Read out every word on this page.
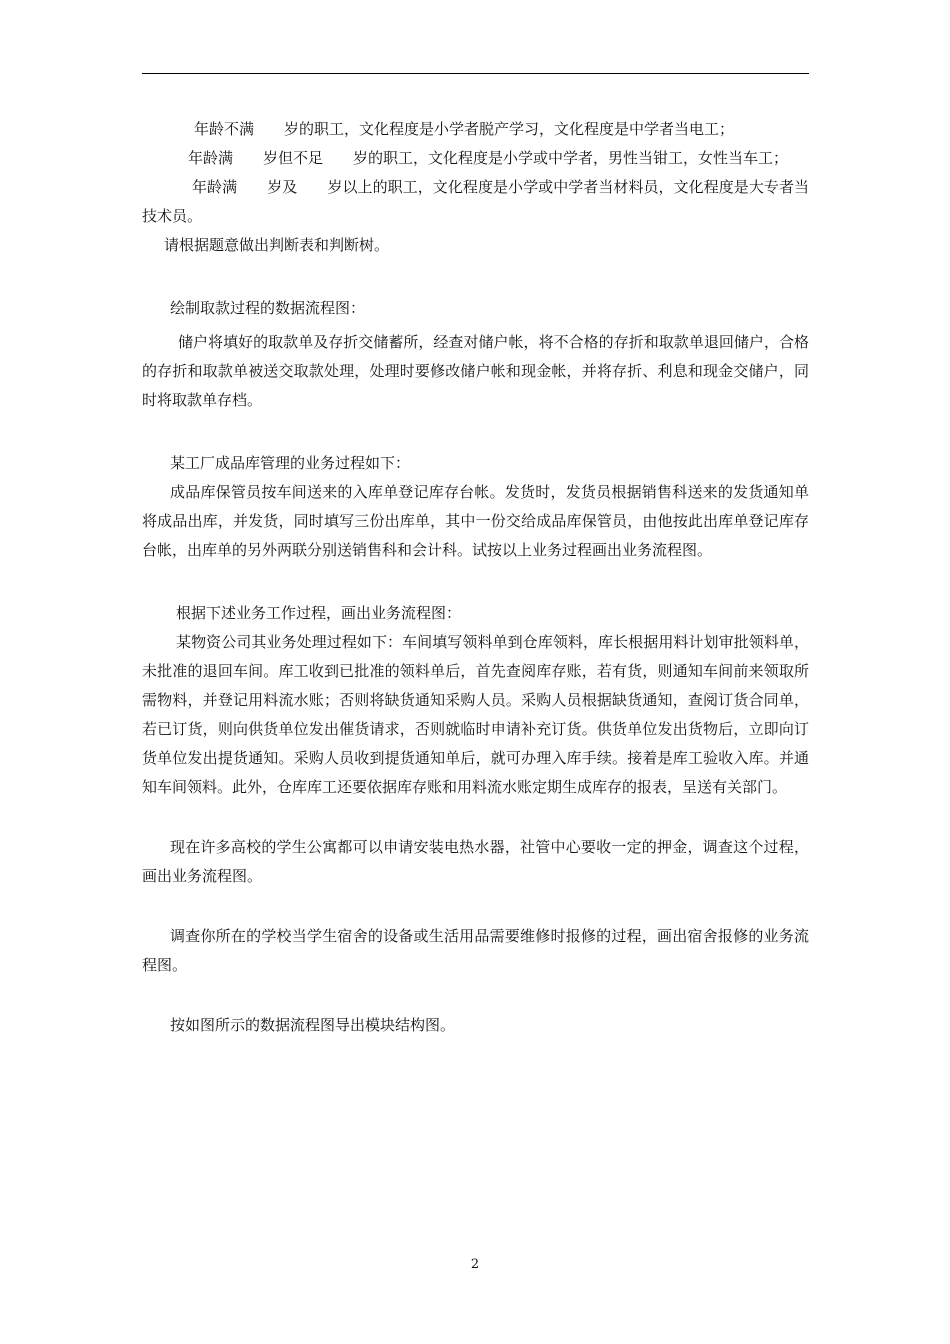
年龄不满　　岁的职工，文化程度是小学者脱产学习，文化程度是中学者当电工；

年龄满　　岁但不足　　岁的职工，文化程度是小学或中学者，男性当钳工，女性当车工；

年龄满　　岁及　　岁以上的职工，文化程度是小学或中学者当材料员，文化程度是大专者当技术员。

请根据题意做出判断表和判断树。

绘制取款过程的数据流程图：

储户将填好的取款单及存折交储蓄所，经查对储户帐，将不合格的存折和取款单退回储户，合格的存折和取款单被送交取款处理，处理时要修改储户帐和现金帐，并将存折、利息和现金交储户，同时将取款单存档。

某工厂成品库管理的业务过程如下：

成品库保管员按车间送来的入库单登记库存台帐。发货时，发货员根据销售科送来的发货通知单将成品出库，并发货，同时填写三份出库单，其中一份交给成品库保管员，由他按此出库单登记库存台帐，出库单的另外两联分别送销售科和会计科。试按以上业务过程画出业务流程图。

根据下述业务工作过程，画出业务流程图：

某物资公司其业务处理过程如下：车间填写领料单到仓库领料，库长根据用料计划审批领料单，未批准的退回车间。库工收到已批准的领料单后，首先查阅库存账，若有货，则通知车间前来领取所需物料，并登记用料流水账；否则将缺货通知采购人员。采购人员根据缺货通知，查阅订货合同单，若已订货，则向供货单位发出催货请求，否则就临时申请补充订货。供货单位发出货物后，立即向订货单位发出提货通知。采购人员收到提货通知单后，就可办理入库手续。接着是库工验收入库。并通知车间领料。此外，仓库库工还要依据库存账和用料流水账定期生成库存的报表，呈送有关部门。

现在许多高校的学生公寓都可以申请安装电热水器，社管中心要收一定的押金，调查这个过程，画出业务流程图。

调查你所在的学校当学生宿舍的设备或生活用品需要维修时报修的过程，画出宿舍报修的业务流程图。

按如图所示的数据流程图导出模块结构图。

2
